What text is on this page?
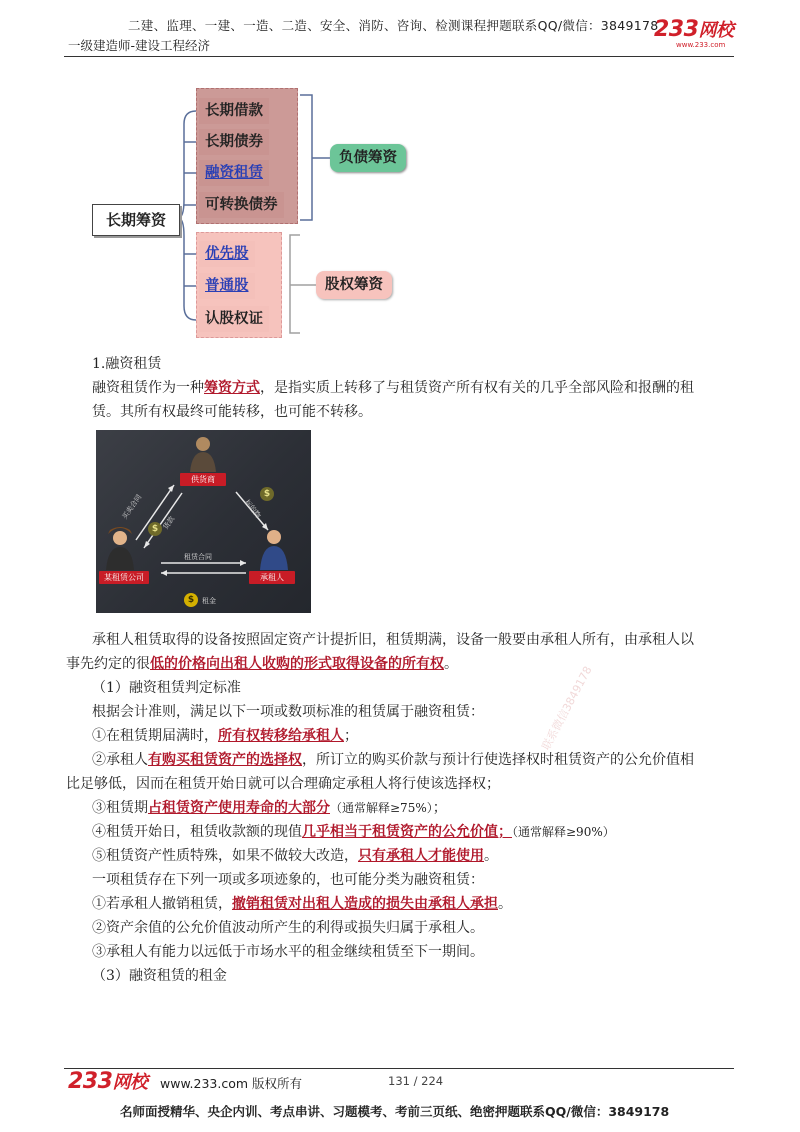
二建、监理、一建、一造、二造、安全、消防、咨询、检测课程押题联系QQ/微信：3849178
一级建造师-建设工程经济
233网校
www.233.com
长期借款
长期债券
融资租赁
可转换债券
优先股
普通股
认股权证
长期筹资
负债筹资
股权筹资
1.融资租赁
融资租赁作为一种筹资方式，是指实质上转移了与租赁资产所有权有关的几乎全部风险和报酬的租
赁。其所有权最终可能转移，也可能不转移。
供货商
某租赁公司	承租人
买卖合同
货款
标的物
租赁合同
租金
$
$
$
承租人租赁取得的设备按照固定资产计提折旧，租赁期满，设备一般要由承租人所有，由承租人以
事先约定的很低的价格向出租人收购的形式取得设备的所有权。
（1）融资租赁判定标准
根据会计准则，满足以下一项或数项标准的租赁属于融资租赁：
①在租赁期届满时，所有权转移给承租人；
②承租人有购买租赁资产的选择权，所订立的购买价款与预计行使选择权时租赁资产的公允价值相
比足够低，因而在租赁开始日就可以合理确定承租人将行使该选择权；
③租赁期占租赁资产使用寿命的大部分（通常解释≥75%）；
④租赁开始日，租赁收款额的现值几乎相当于租赁资产的公允价值；（通常解释≥90%）
⑤租赁资产性质特殊，如果不做较大改造，只有承租人才能使用。
一项租赁存在下列一项或多项迹象的，也可能分类为融资租赁：
①若承租人撤销租赁，撤销租赁对出租人造成的损失由承租人承担。
②资产余值的公允价值波动所产生的利得或损失归属于承租人。
③承租人有能力以远低于市场水平的租金继续租赁至下一期间。
（3）融资租赁的租金
联系微信3849178
233网校 www.233.com 版权所有	131 / 224
名师面授精华、央企内训、考点串讲、习题模考、考前三页纸、绝密押题联系QQ/微信：3849178
